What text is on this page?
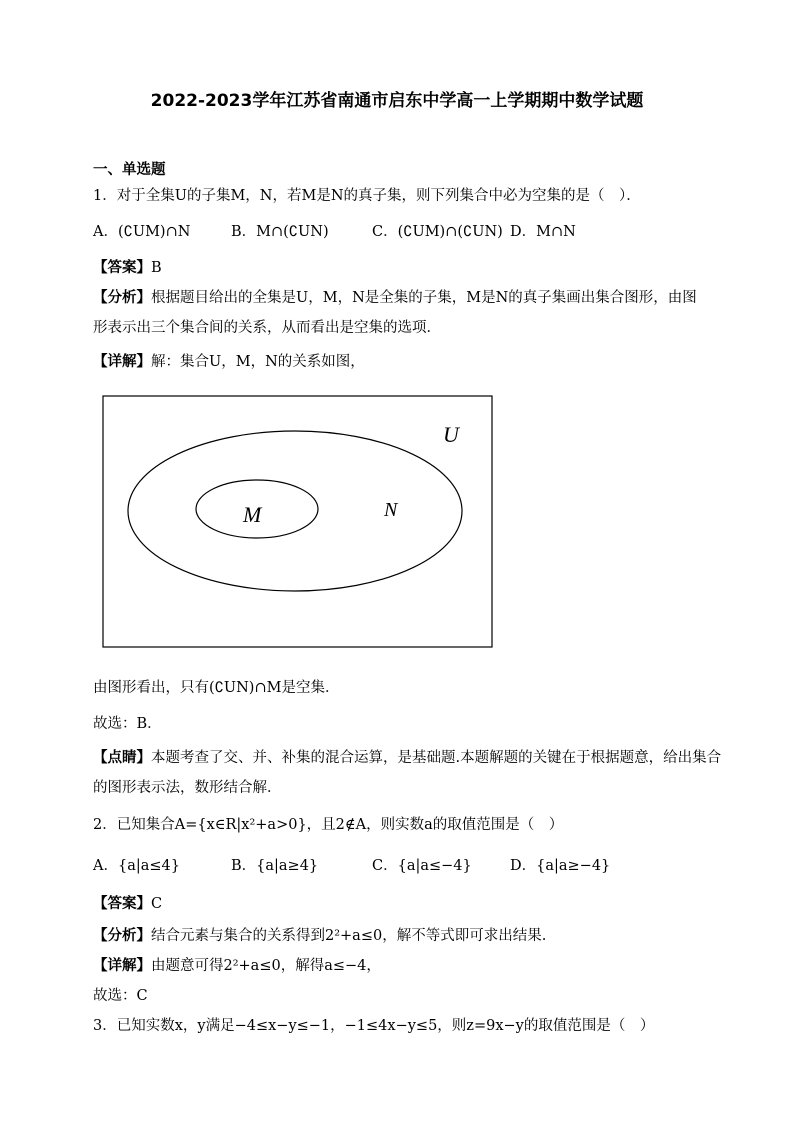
2022-2023学年江苏省南通市启东中学高一上学期期中数学试题
一、单选题
1．对于全集U的子集M，N，若M是N的真子集，则下列集合中必为空集的是（　）．
A．(∁UM)∩N	B．M∩(∁UN)	C．(∁UM)∩(∁UN) D．M∩N
【答案】B
【分析】根据题目给出的全集是U，M，N是全集的子集，M是N的真子集画出集合图形，由图
形表示出三个集合间的关系，从而看出是空集的选项．
【详解】解：集合U，M，N的关系如图，
U
N
M
由图形看出，只有(∁UN)∩M是空集．
故选：B．
【点睛】本题考查了交、并、补集的混合运算，是基础题.本题解题的关键在于根据题意，给出集合
的图形表示法，数形结合解．
2．已知集合A={x∈R|x²+a>0}，且2∉A，则实数a的取值范围是（　）
A．{a|a≤4}	B．{a|a≥4}	C．{a|a≤−4}	D．{a|a≥−4}
【答案】C
【分析】结合元素与集合的关系得到2²+a≤0，解不等式即可求出结果.
【详解】由题意可得2²+a≤0，解得a≤−4，
故选：C
3．已知实数x，y满足−4≤x−y≤−1，−1≤4x−y≤5，则z=9x−y的取值范围是（　）
